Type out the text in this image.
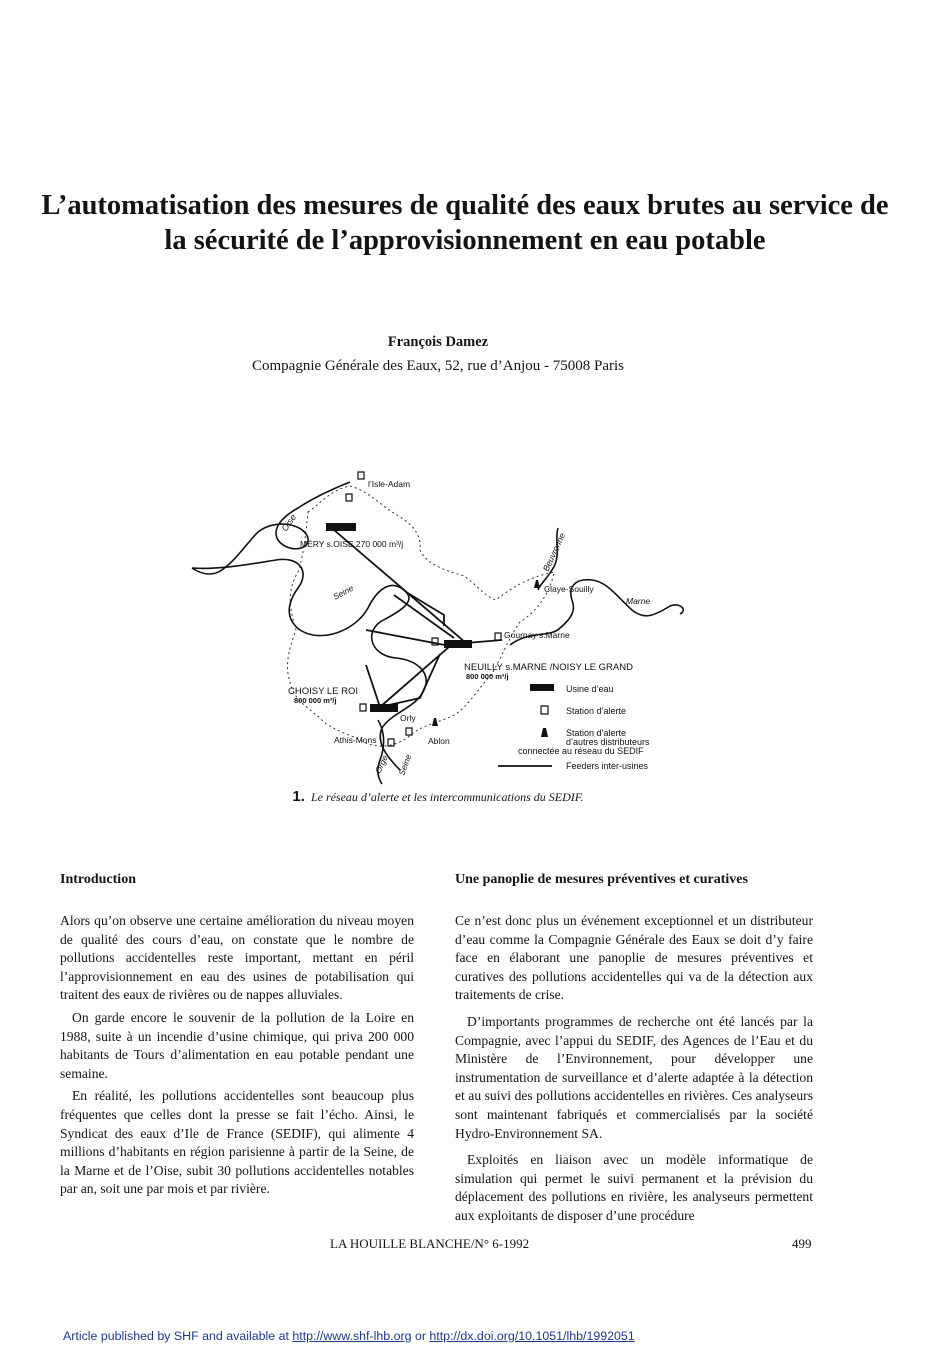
L’automatisation des mesures de qualité des eaux brutes au service de la sécurité de l’approvisionnement en eau potable
François Damez
Compagnie Générale des Eaux, 52, rue d’Anjou - 75008 Paris
l’Isle-Adam
Oise
MÉRY s.OISE 270 000 m³/j
Seine
Beuvronne
Claye-Souilly
Marne
Gournay s.Marne
NEUILLY s.MARNE /NOISY LE GRAND
800 000 m³/j
CHOISY LE ROI
800 000 m³/j
Orly
Athis-Mons	Ablon
Orge Seine
Usine d’eau
Station d’alerte
Station d’alerte
d’autres distributeurs
connectée au réseau du SEDIF
Feeders inter-usines
1. Le réseau d’alerte et les intercommunications du SEDIF.
Introduction

Alors qu’on observe une certaine amélioration du niveau moyen de qualité des cours d’eau, on constate que le nombre de pollutions accidentelles reste important, mettant en péril l’approvisionnement en eau des usines de potabilisation qui traitent des eaux de rivières ou de nappes alluviales.

On garde encore le souvenir de la pollution de la Loire en 1988, suite à un incendie d’usine chimique, qui priva 200 000 habitants de Tours d’alimentation en eau potable pendant une semaine.

En réalité, les pollutions accidentelles sont beaucoup plus fréquentes que celles dont la presse se fait l’écho. Ainsi, le Syndicat des eaux d’Ile de France (SEDIF), qui alimente 4 millions d’habitants en région parisienne à partir de la Seine, de la Marne et de l’Oise, subit 30 pollutions accidentelles notables par an, soit une par mois et par rivière.

Une panoplie de mesures préventives et curatives

Ce n’est donc plus un événement exceptionnel et un distributeur d’eau comme la Compagnie Générale des Eaux se doit d’y faire face en élaborant une panoplie de mesures préventives et curatives des pollutions accidentelles qui va de la détection aux traitements de crise.

D’importants programmes de recherche ont été lancés par la Compagnie, avec l’appui du SEDIF, des Agences de l’Eau et du Ministère de l’Environnement, pour développer une instrumentation de surveillance et d’alerte adaptée à la détection et au suivi des pollutions accidentelles en rivières. Ces analyseurs sont maintenant fabriqués et commercialisés par la société Hydro-Environnement SA.

Exploités en liaison avec un modèle informatique de simulation qui permet le suivi permanent et la prévision du déplacement des pollutions en rivière, les analyseurs permettent aux exploitants de disposer d’une procédure

LA HOUILLE BLANCHE/N° 6-1992	499
Article published by SHF and available at http://www.shf-lhb.org or http://dx.doi.org/10.1051/lhb/1992051
